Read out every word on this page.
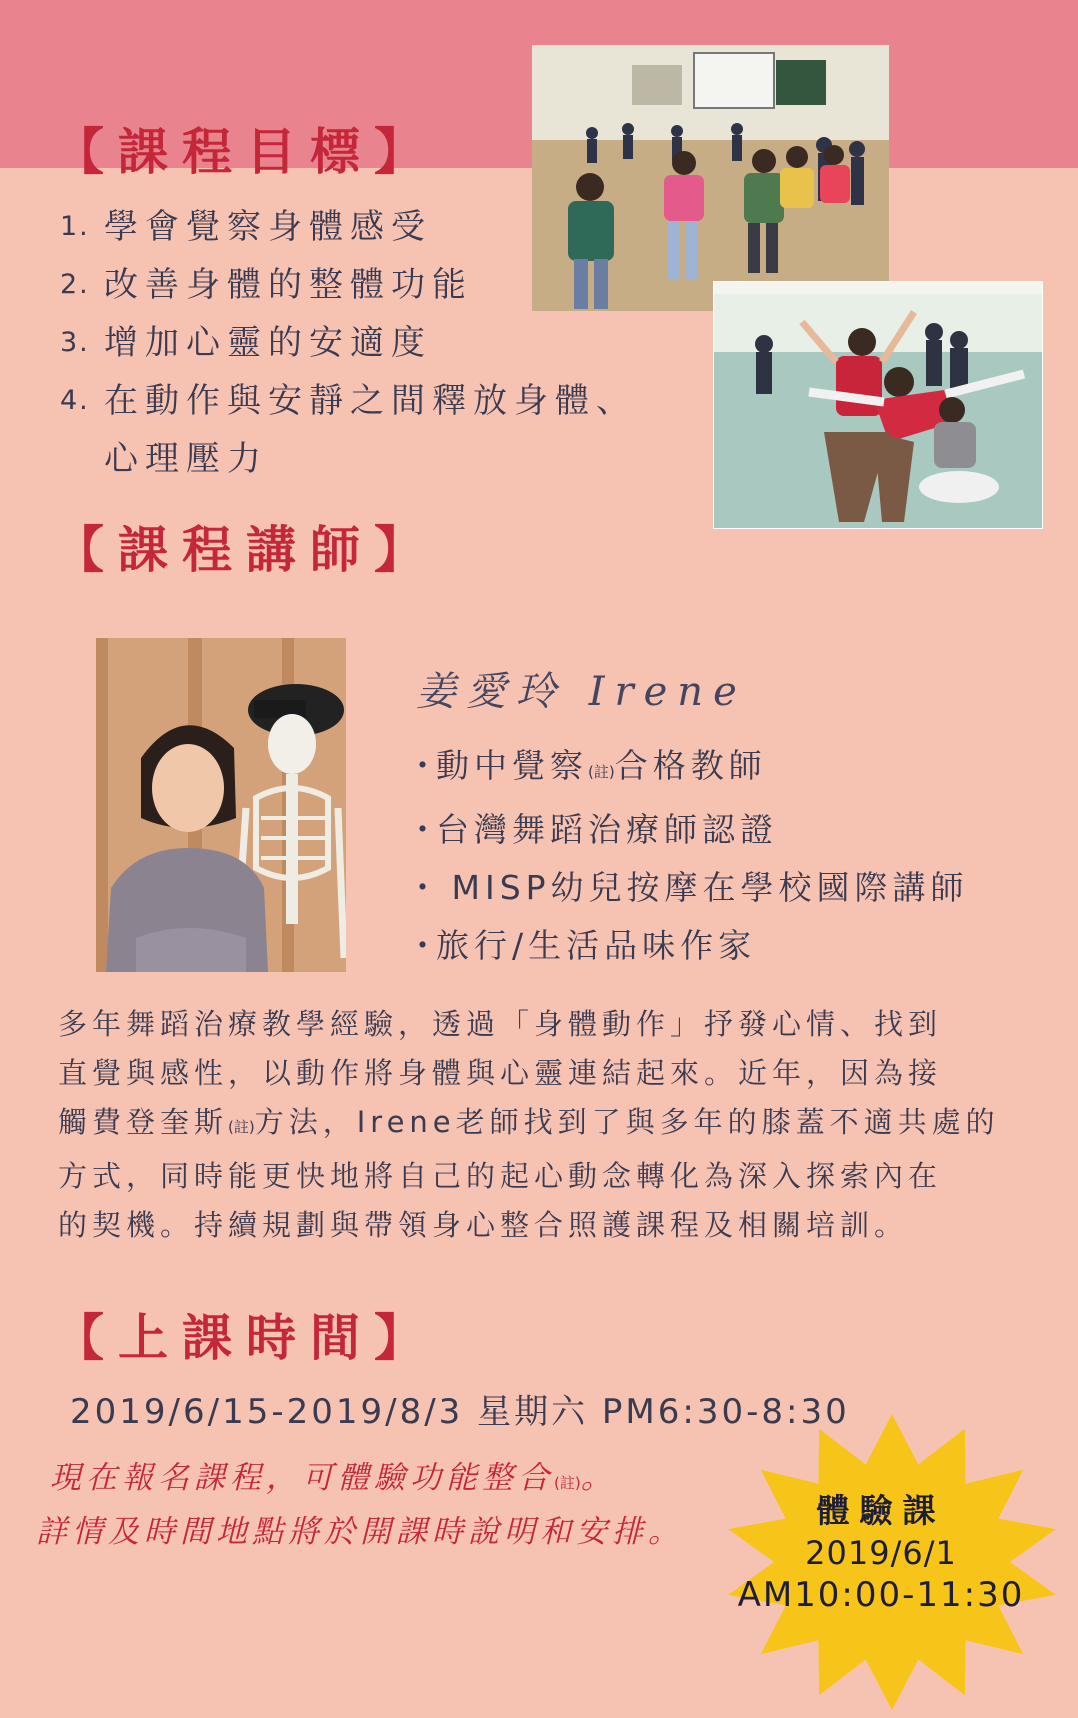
【課程目標】
1. 學會覺察身體感受
2. 改善身體的整體功能
3. 增加心靈的安適度
4. 在動作與安靜之間釋放身體、
心理壓力
【課程講師】
姜愛玲 Irene
・動中覺察(註)合格教師
・台灣舞蹈治療師認證
・ MISP幼兒按摩在學校國際講師
・旅行/生活品味作家

多年舞蹈治療教學經驗，透過「身體動作」抒發心情、找到

直覺與感性，以動作將身體與心靈連結起來。近年，因為接

觸費登奎斯(註)方法，Irene老師找到了與多年的膝蓋不適共處的

方式，同時能更快地將自己的起心動念轉化為深入探索內在

的契機。持續規劃與帶領身心整合照護課程及相關培訓。

【上課時間】
2019/6/15-2019/8/3 星期六 PM6:30-8:30
現在報名課程，可體驗功能整合(註)。
詳情及時間地點將於開課時說明和安排。
體驗課
2019/6/1
AM10:00-11:30
